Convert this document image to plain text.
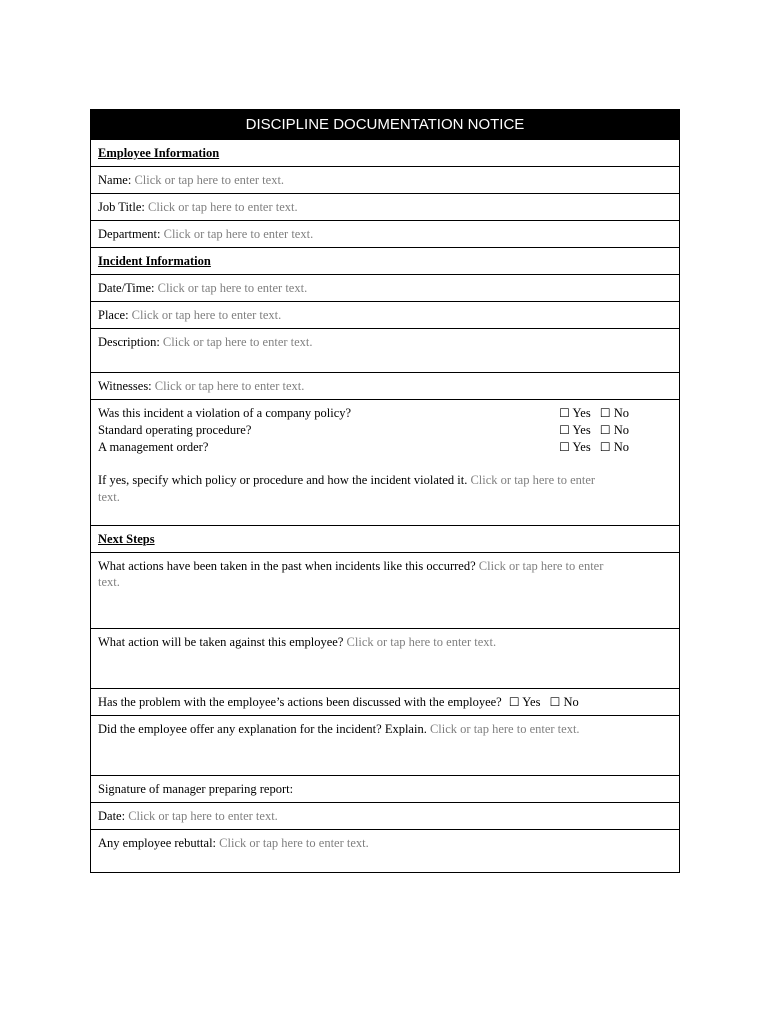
DISCIPLINE DOCUMENTATION NOTICE
Employee Information
Name: Click or tap here to enter text.
Job Title: Click or tap here to enter text.
Department: Click or tap here to enter text.
Incident Information
Date/Time: Click or tap here to enter text.
Place: Click or tap here to enter text.
Description: Click or tap here to enter text.
Witnesses: Click or tap here to enter text.
Was this incident a violation of a company policy?	☐ Yes ☐ No
Standard operating procedure?	☐ Yes ☐ No
A management order?	☐ Yes ☐ No
If yes, specify which policy or procedure and how the incident violated it. Click or tap here to enter
text.
Next Steps
What actions have been taken in the past when incidents like this occurred? Click or tap here to enter
text.
What action will be taken against this employee? Click or tap here to enter text.
Has the problem with the employee’s actions been discussed with the employee? ☐ Yes ☐ No
Did the employee offer any explanation for the incident? Explain. Click or tap here to enter text.
Signature of manager preparing report:
Date: Click or tap here to enter text.
Any employee rebuttal: Click or tap here to enter text.
